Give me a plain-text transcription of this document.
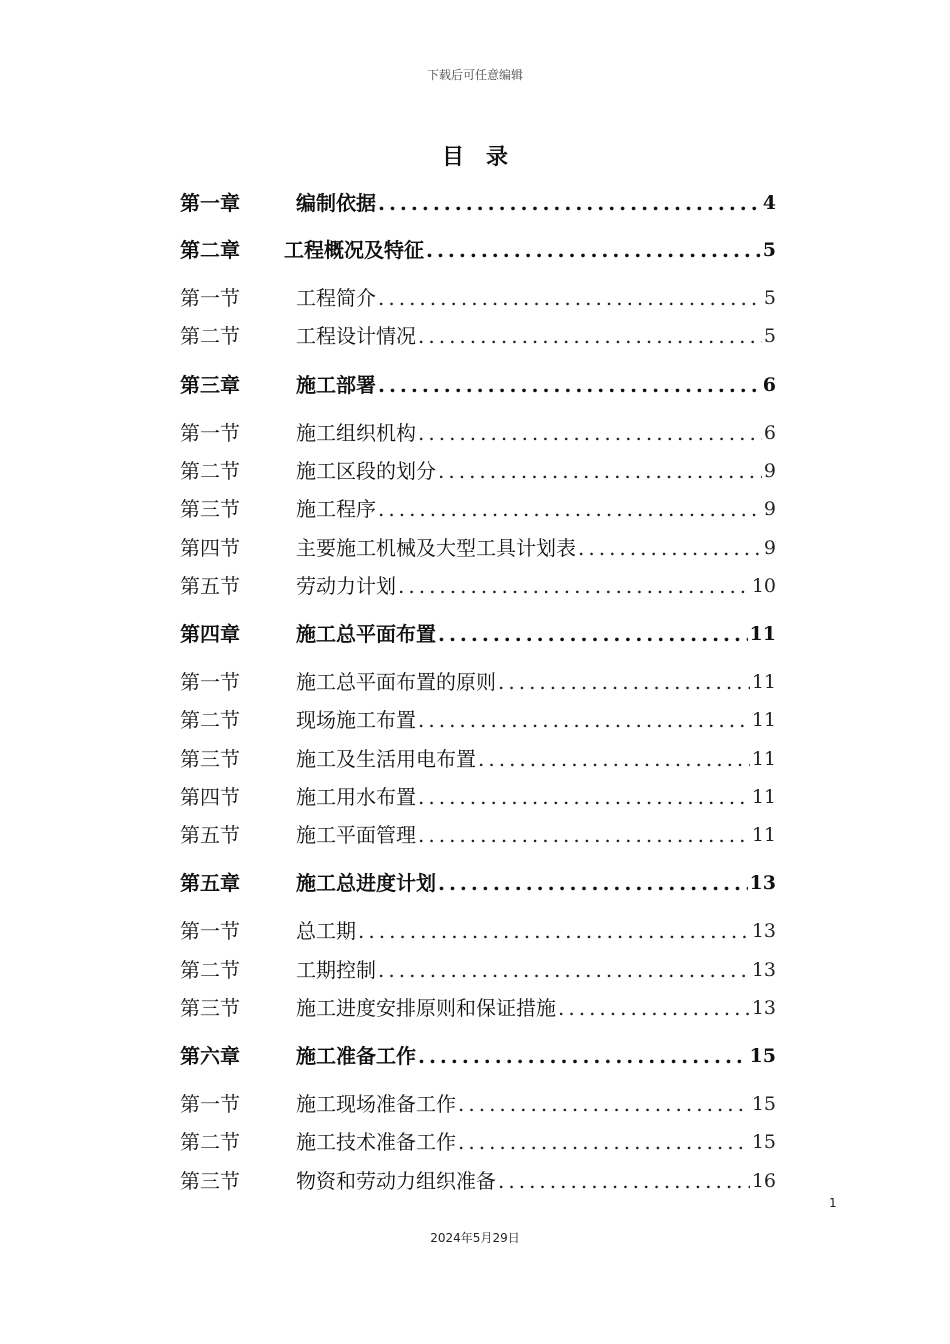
下载后可任意编辑
目录
第一章	编制依据 .....	4
第二章	工程概况及特征 .....	5
第一节	工程简介 .....	5
第二节	工程设计情况 .....	5
第三章	施工部署 .....	6
第一节	施工组织机构 .....	6
第二节	施工区段的划分 .....	9
第三节	施工程序 .....	9
第四节	主要施工机械及大型工具计划表 .....	9
第五节	劳动力计划 .....	10
第四章	施工总平面布置 .....	11
第一节	施工总平面布置的原则 .....	11
第二节	现场施工布置 .....	11
第三节	施工及生活用电布置 .....	11
第四节	施工用水布置 .....	11
第五节	施工平面管理 .....	11
第五章	施工总进度计划 .....	13
第一节	总工期 .....	13
第二节	工期控制 .....	13
第三节	施工进度安排原则和保证措施 .....	13
第六章	施工准备工作 .....	15
第一节	施工现场准备工作 .....	15
第二节	施工技术准备工作 .....	15
第三节	物资和劳动力组织准备 .....	16
1
2024年5月29日
